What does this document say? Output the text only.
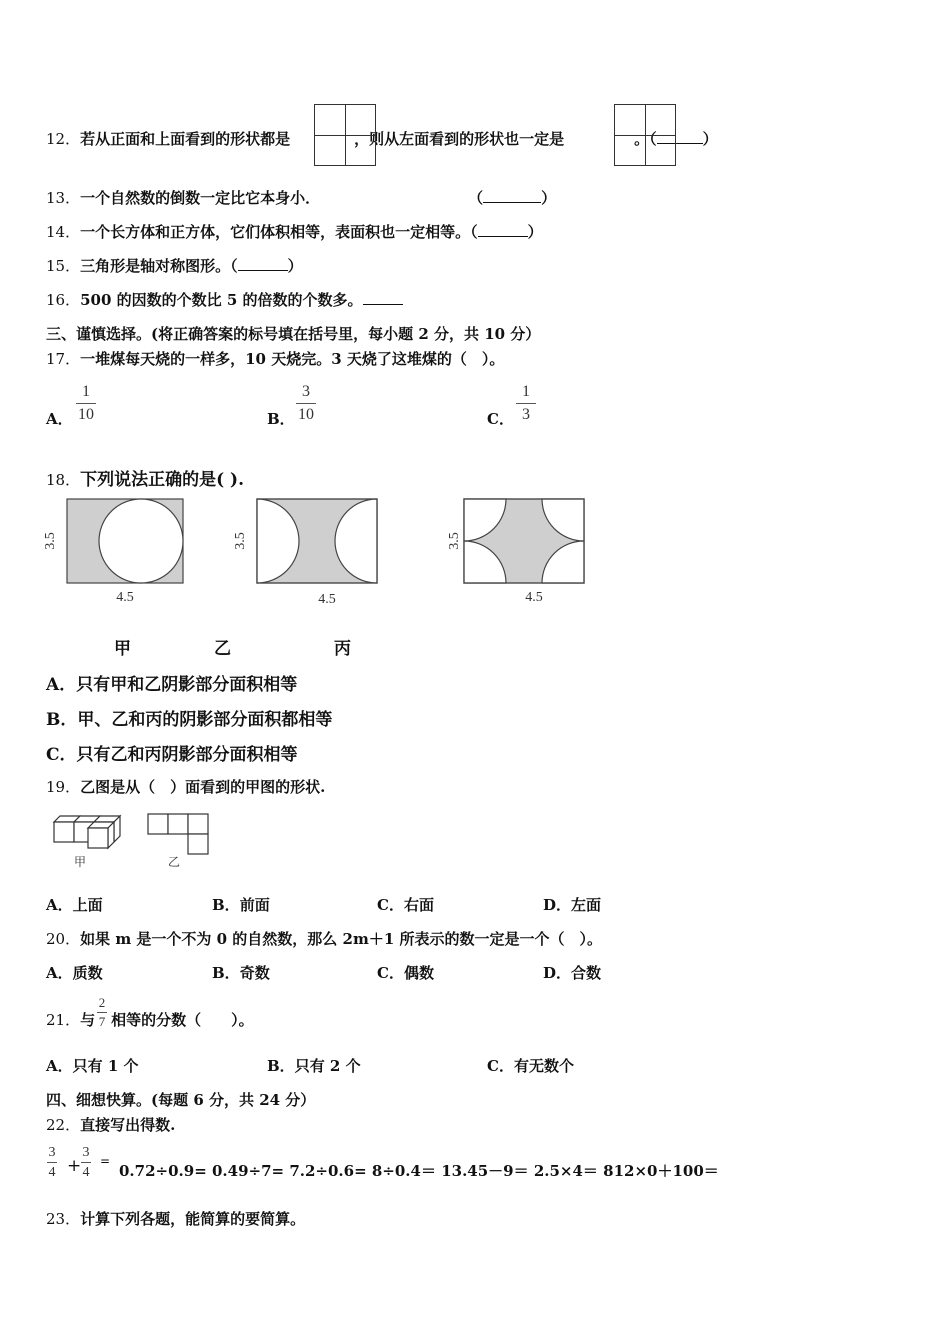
12．若从正面和上面看到的形状都是	，则从左面看到的形状也一定是	。（	）
13．一个自然数的倒数一定比它本身小．	（	）
14．一个长方体和正方体，它们体积相等，表面积也一定相等。（	）
15．三角形是轴对称图形。（	）
16．500 的因数的个数比 5 的倍数的个数多。
三、谨慎选择。(将正确答案的标号填在括号里，每小题 2 分，共 10 分）
17．一堆煤每天烧的一样多，10 天烧完。3 天烧了这堆煤的（　）。
A．
1
10	B．
3
10	C．
1
3
18．下列说法正确的是( ).
3.5
4.5
3.5
4.5
3.5
4.5
甲	乙	丙
A．只有甲和乙阴影部分面积相等
B．甲、乙和丙的阴影部分面积都相等
C．只有乙和丙阴影部分面积相等
19．乙图是从（　）面看到的甲图的形状.
甲	乙
A．上面	B．前面	C．右面	D．左面
20．如果 m 是一个不为 0 的自然数，那么 2m＋1 所表示的数一定是一个（　）。
A．质数	B．奇数	C．偶数	D．合数
21．与 相等的分数（　　）。
2
7
A．只有 1 个	B．只有 2 个	C．有无数个
四、细想快算。(每题 6 分，共 24 分）
22．直接写出得数.
3
4 +
3
4
=
0.72÷0.9= 0.49÷7= 7.2÷0.6= 8÷0.4＝ 13.45－9＝ 2.5×4＝ 812×0＋100＝
23．计算下列各题，能简算的要简算。
